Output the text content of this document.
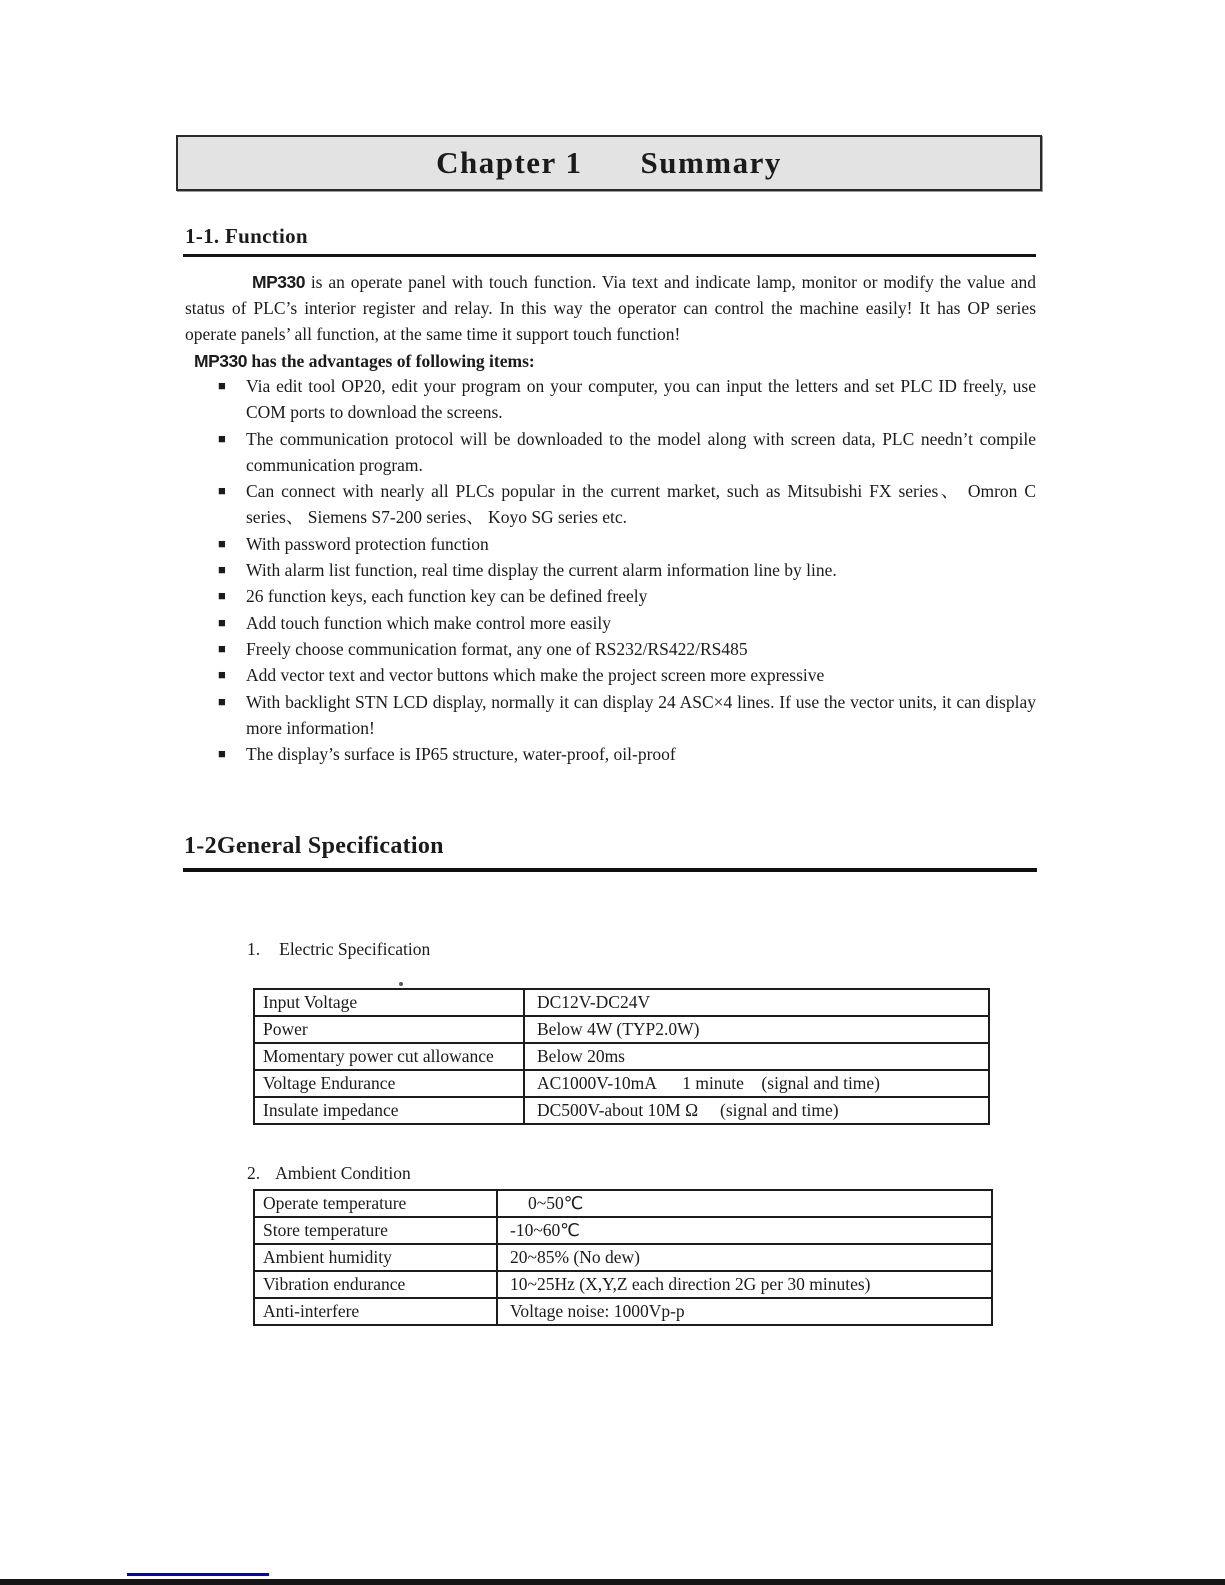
Chapter 1 Summary
1-1. Function

MP330 is an operate panel with touch function. Via text and indicate lamp, monitor or modify the value and status of PLC’s interior register and relay. In this way the operator can control the machine easily! It has OP series operate panels’ all function, at the same time it support touch function!

MP330 has the advantages of following items:

■
Via edit tool OP20, edit your program on your computer, you can input the letters and set PLC ID freely, use COM ports to download the screens.
■
The communication protocol will be downloaded to the model along with screen data, PLC needn’t compile communication program.
■
Can connect with nearly all PLCs popular in the current market, such as Mitsubishi FX series、 Omron C series、 Siemens S7-200 series、 Koyo SG series etc.
■
With password protection function
■
With alarm list function, real time display the current alarm information line by line.
■
26 function keys, each function key can be defined freely
■
Add touch function which make control more easily
■
Freely choose communication format, any one of RS232/RS422/RS485
■
Add vector text and vector buttons which make the project screen more expressive
■
With backlight STN LCD display, normally it can display 24 ASC×4 lines. If use the vector units, it can display more information!
■
The display’s surface is IP65 structure, water-proof, oil-proof
1-2General Specification
1. Electric Specification
Input Voltage	DC12V-DC24V
Power	Below 4W (TYP2.0W)
Momentary power cut allowance	Below 20ms
Voltage Endurance	AC1000V-10mA      1 minute    (signal and time)
Insulate impedance	DC500V-about 10M Ω     (signal and time)
2. Ambient Condition
Operate temperature	0~50℃
Store temperature	-10~60℃
Ambient humidity	20~85% (No dew)
Vibration endurance	10~25Hz (X,Y,Z each direction 2G per 30 minutes)
Anti-interfere	Voltage noise: 1000Vp-p
